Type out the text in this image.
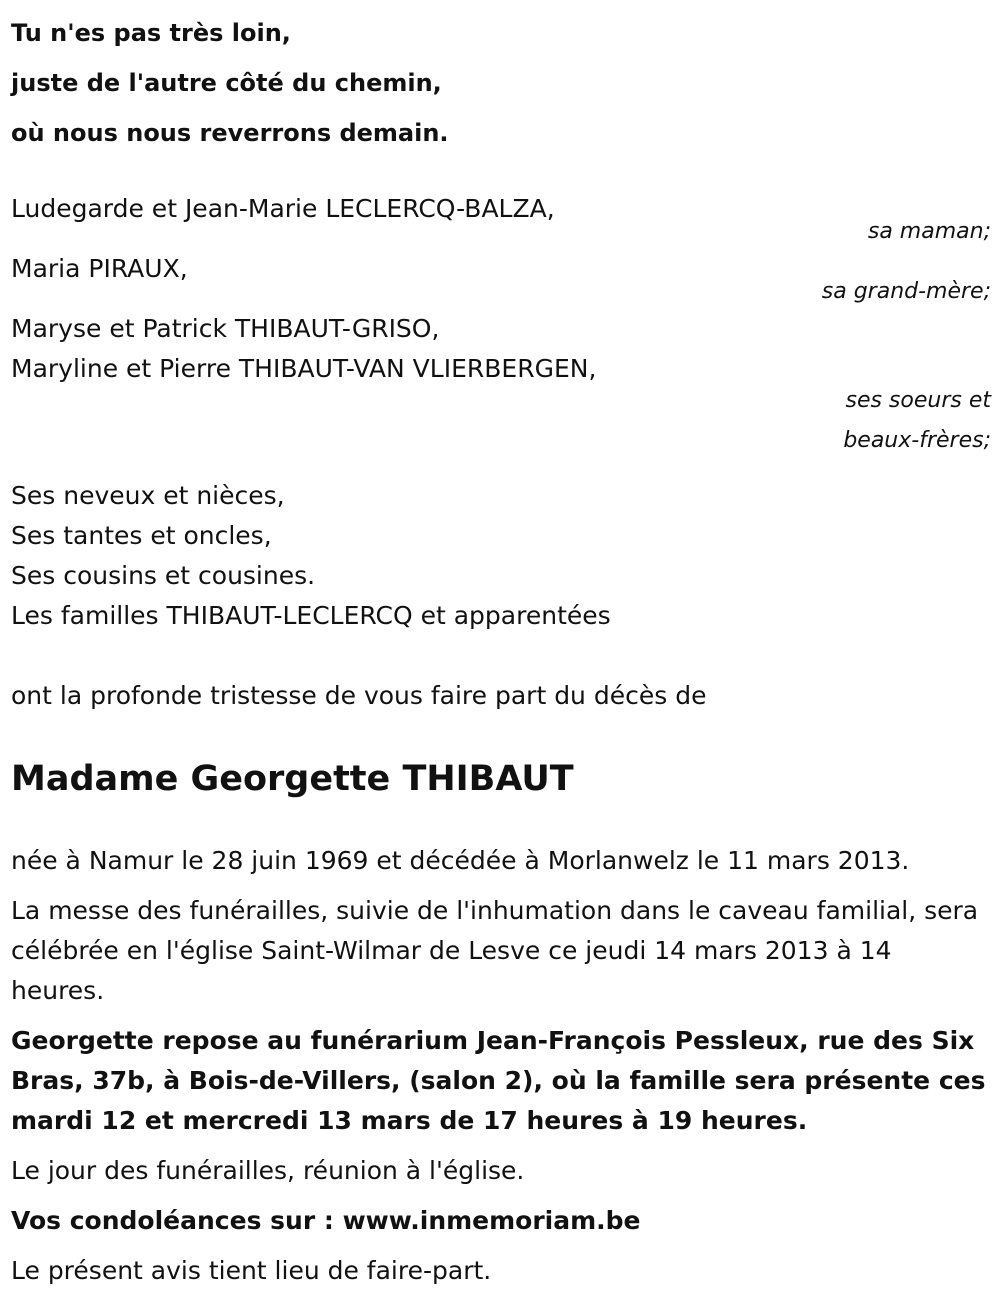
Tu n'es pas très loin,
juste de l'autre côté du chemin,
où nous nous reverrons demain.
Ludegarde et Jean-Marie LECLERCQ-BALZA,
sa maman;
Maria PIRAUX,
sa grand-mère;
Maryse et Patrick THIBAUT-GRISO,
Maryline et Pierre THIBAUT-VAN VLIERBERGEN,
ses soeurs et
beaux-frères;
Ses neveux et nièces,
Ses tantes et oncles,
Ses cousins et cousines.
Les familles THIBAUT-LECLERCQ et apparentées
ont la profonde tristesse de vous faire part du décès de
Madame Georgette THIBAUT
née à Namur le 28 juin 1969 et décédée à Morlanwelz le 11 mars 2013.
La messe des funérailles, suivie de l'inhumation dans le caveau familial, sera célébrée en l'église Saint-Wilmar de Lesve ce jeudi 14 mars 2013 à 14 heures.
Georgette repose au funérarium Jean-François Pessleux, rue des Six Bras, 37b, à Bois-de-Villers, (salon 2), où la famille sera présente ces mardi 12 et mercredi 13 mars de 17 heures à 19 heures.
Le jour des funérailles, réunion à l'église.
Vos condoléances sur : www.inmemoriam.be
Le présent avis tient lieu de faire-part.
